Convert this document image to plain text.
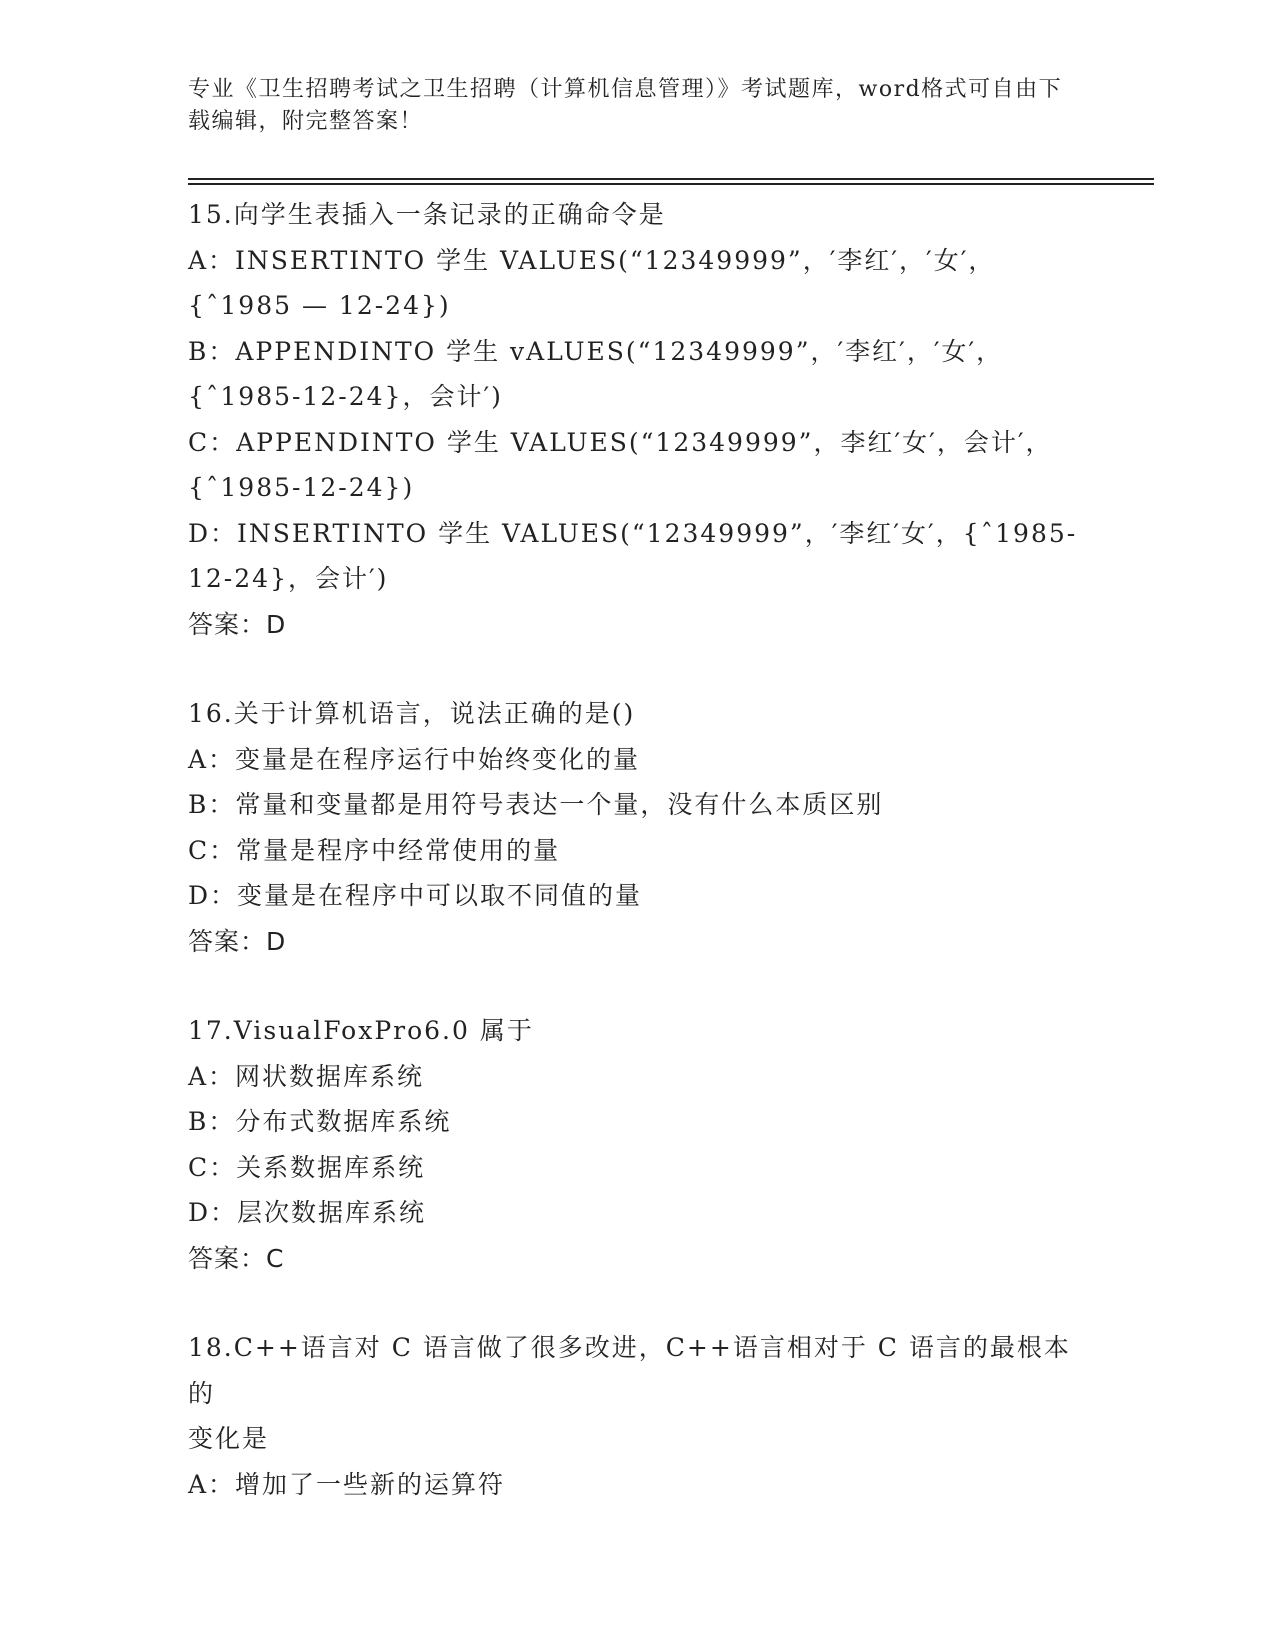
专业《卫生招聘考试之卫生招聘（计算机信息管理）》考试题库，word格式可自由下载编辑，附完整答案！
15.向学生表插入一条记录的正确命令是
A：INSERTINTO 学生 VALUES(“12349999”，′李红′，′女′，
{ˆ1985 — 12-24})
B：APPENDINTO 学生 vALUES(“12349999”，′李红′，′女′，
{ˆ1985-12-24}，会计′)
C：APPENDINTO 学生 VALUES(“12349999”，李红′女′，会计′，
{ˆ1985-12-24})
D：INSERTINTO 学生 VALUES(“12349999”，′李红′女′，{ˆ1985-
12-24}，会计′)
答案：D
16.关于计算机语言，说法正确的是()
A：变量是在程序运行中始终变化的量
B：常量和变量都是用符号表达一个量，没有什么本质区别
C：常量是程序中经常使用的量
D：变量是在程序中可以取不同值的量
答案：D
17.VisualFoxPro6.0 属于
A：网状数据库系统
B：分布式数据库系统
C：关系数据库系统
D：层次数据库系统
答案：C
18.C++语言对 C 语言做了很多改进，C++语言相对于 C 语言的最根本的
变化是
A：增加了一些新的运算符
